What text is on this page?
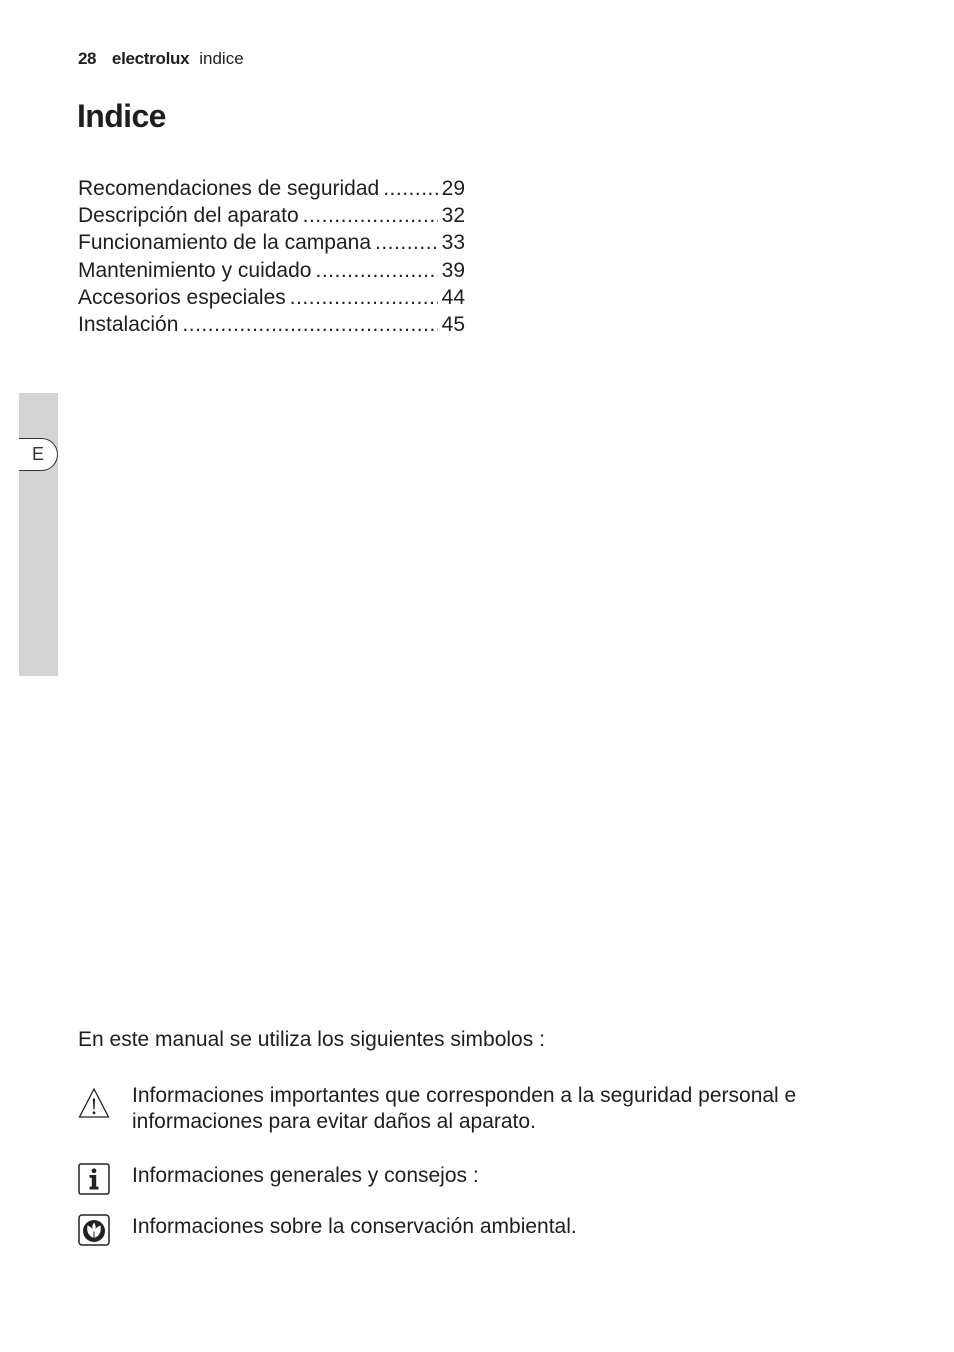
28 electrolux indice
Indice
Recomendaciones de seguridad .....	29
Descripción del aparato .....	32
Funcionamiento de la campana .....	33
Mantenimiento y cuidado .....	39
Accesorios especiales .....	44
Instalación .....	45
E

En este manual se utiliza los siguientes simbolos :

Informaciones importantes que corresponden a la seguridad personal e
informaciones para evitar daños al aparato.

Informaciones generales y consejos :

Informaciones sobre la conservación ambiental.
